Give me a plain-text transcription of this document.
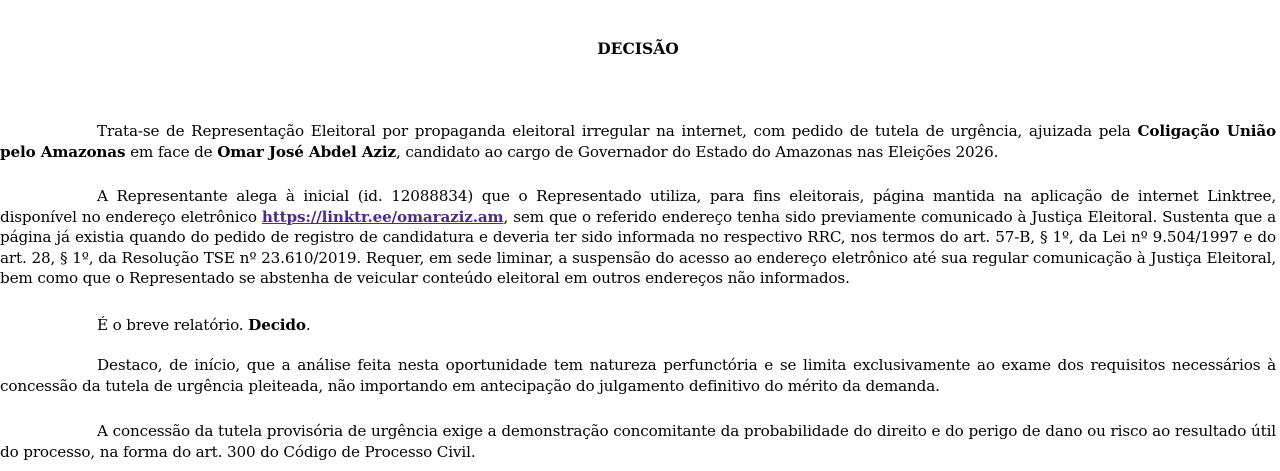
DECISÃO

Trata-se de Representação Eleitoral por propaganda eleitoral irregular na internet, com pedido de tutela de urgência, ajuizada pela Coligação União pelo Amazonas em face de Omar José Abdel Aziz, candidato ao cargo de Governador do Estado do Amazonas nas Eleições 2026.

A Representante alega à inicial (id. 12088834) que o Representado utiliza, para fins eleitorais, página mantida na aplicação de internet Linktree, disponível no endereço eletrônico https://linktr.ee/omaraziz.am, sem que o referido endereço tenha sido previamente comunicado à Justiça Eleitoral. Sustenta que a página já existia quando do pedido de registro de candidatura e deveria ter sido informada no respectivo RRC, nos termos do art. 57-B, § 1º, da Lei nº 9.504/1997 e do art. 28, § 1º, da Resolução TSE nº 23.610/2019. Requer, em sede liminar, a suspensão do acesso ao endereço eletrônico até sua regular comunicação à Justiça Eleitoral, bem como que o Representado se abstenha de veicular conteúdo eleitoral em outros endereços não informados.

É o breve relatório. Decido.

Destaco, de início, que a análise feita nesta oportunidade tem natureza perfunctória e se limita exclusivamente ao exame dos requisitos necessários à concessão da tutela de urgência pleiteada, não importando em antecipação do julgamento definitivo do mérito da demanda.

A concessão da tutela provisória de urgência exige a demonstração concomitante da probabilidade do direito e do perigo de dano ou risco ao resultado útil do processo, na forma do art. 300 do Código de Processo Civil.
